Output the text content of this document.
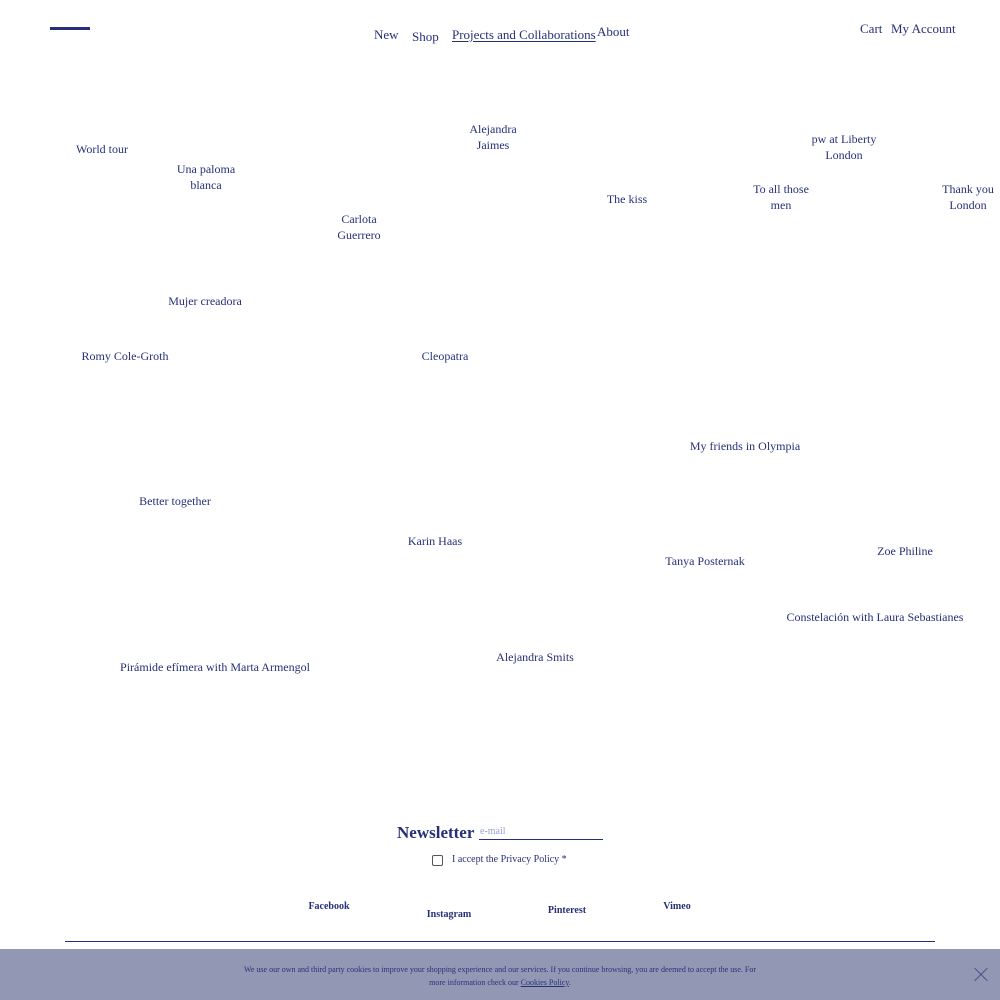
New Shop Projects and Collaborations About	Cart My Account
World tour
Una paloma
blanca
Carlota
Guerrero
Alejandra
Jaimes
The kiss
pw at Liberty
London
To all those
men
Thank you
London
Mujer creadora
Romy Cole-Groth	Cleopatra
My friends in Olympia
Better together
Karin Haas
Tanya Posternak
Zoe Philine
Constelación with Laura Sebastianes
Alejandra Smits
Pirámide efímera with Marta Armengol
Newsletter
e-mail
I accept the Privacy Policy *
Facebook
Instagram	Pinterest	Vimeo
We use our own and third party cookies to improve your shopping experience and our services. If you continue browsing, you are deemed to accept the use. For
more information check our Cookies Policy.
